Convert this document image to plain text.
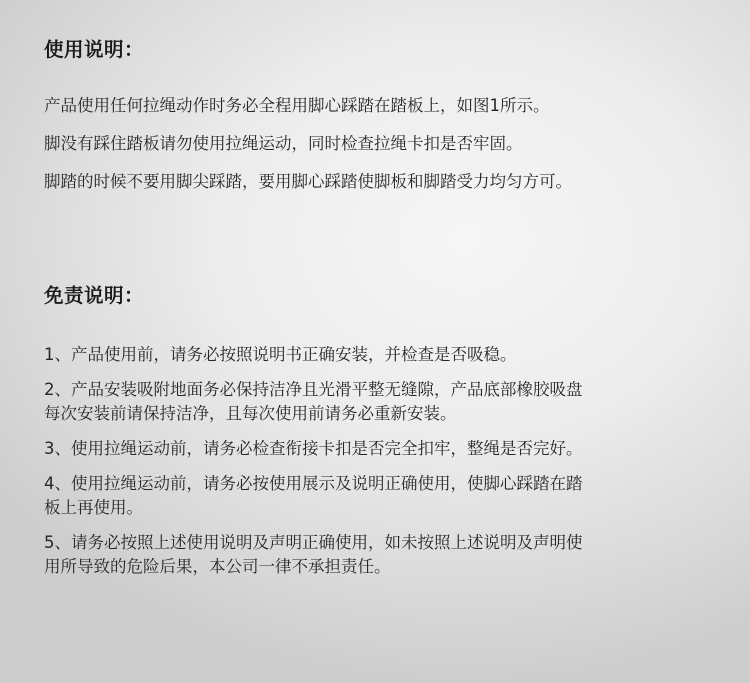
使用说明：

产品使用任何拉绳动作时务必全程用脚心踩踏在踏板上，如图1所示。

脚没有踩住踏板请勿使用拉绳运动，同时检查拉绳卡扣是否牢固。

脚踏的时候不要用脚尖踩踏，要用脚心踩踏使脚板和脚踏受力均匀方可。

免责说明：
1、产品使用前，请务必按照说明书正确安装，并检查是否吸稳。
2、产品安装吸附地面务必保持洁净且光滑平整无缝隙，产品底部橡胶吸盘
每次安装前请保持洁净，且每次使用前请务必重新安装。
3、使用拉绳运动前，请务必检查衔接卡扣是否完全扣牢，整绳是否完好。
4、使用拉绳运动前，请务必按使用展示及说明正确使用，使脚心踩踏在踏
板上再使用。
5、请务必按照上述使用说明及声明正确使用，如未按照上述说明及声明使
用所导致的危险后果，本公司一律不承担责任。
